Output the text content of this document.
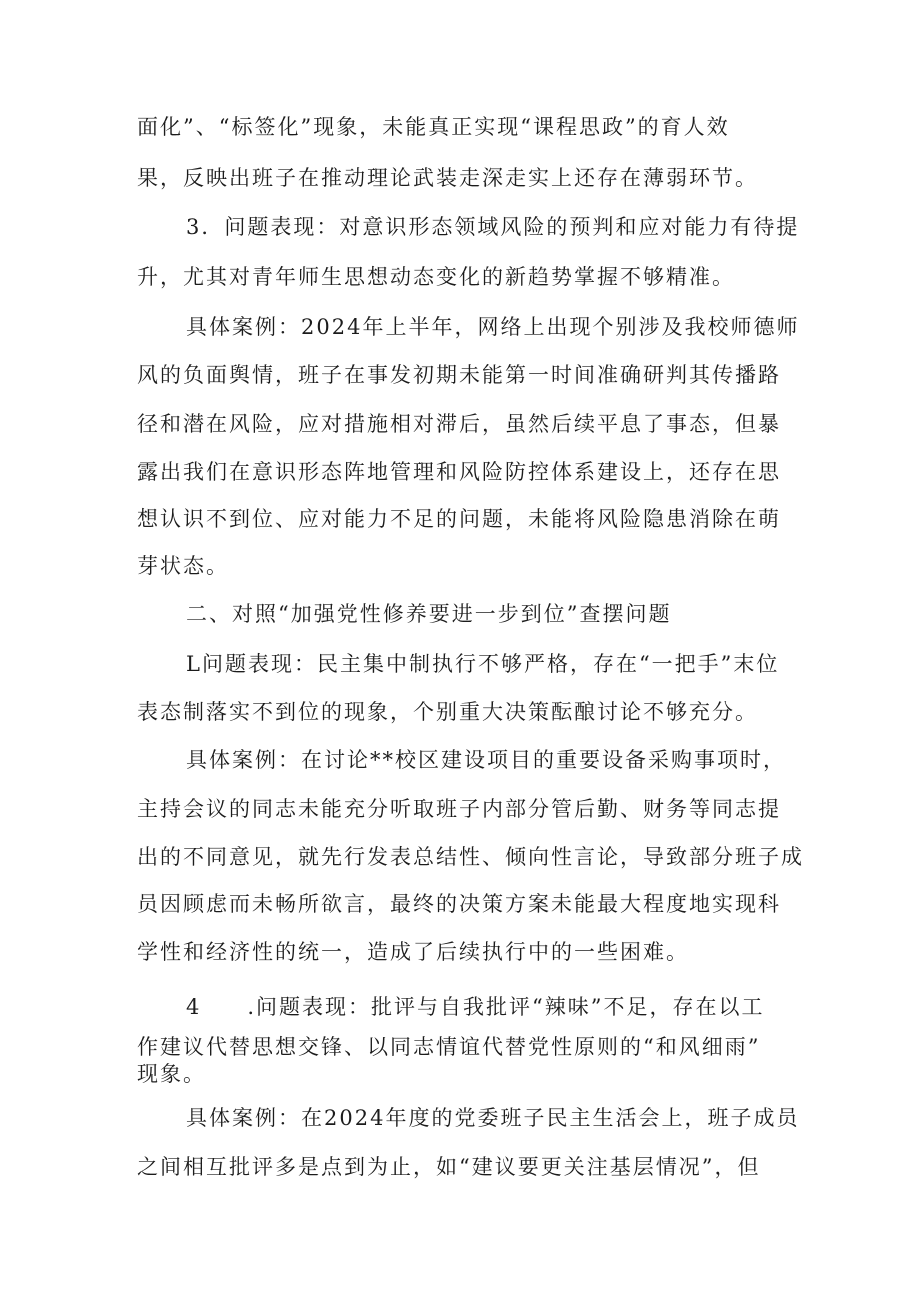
面化”、“标签化”现象，未能真正实现“课程思政”的育人效
果，反映出班子在推动理论武装走深走实上还存在薄弱环节。
3．问题表现：对意识形态领域风险的预判和应对能力有待提
升，尤其对青年师生思想动态变化的新趋势掌握不够精准。
具体案例：2024年上半年，网络上出现个别涉及我校师德师
风的负面舆情，班子在事发初期未能第一时间准确研判其传播路
径和潜在风险，应对措施相对滞后，虽然后续平息了事态，但暴
露出我们在意识形态阵地管理和风险防控体系建设上，还存在思
想认识不到位、应对能力不足的问题，未能将风险隐患消除在萌
芽状态。
二、对照“加强党性修养要进一步到位”查摆问题
L问题表现：民主集中制执行不够严格，存在“一把手”末位
表态制落实不到位的现象，个别重大决策酝酿讨论不够充分。
具体案例：在讨论**校区建设项目的重要设备采购事项时，
主持会议的同志未能充分听取班子内部分管后勤、财务等同志提
出的不同意见，就先行发表总结性、倾向性言论，导致部分班子成
员因顾虑而未畅所欲言，最终的决策方案未能最大程度地实现科
学性和经济性的统一，造成了后续执行中的一些困难。
4　　.问题表现：批评与自我批评“辣味”不足，存在以工
作建议代替思想交锋、以同志情谊代替党性原则的“和风细雨”
现象。
具体案例：在2024年度的党委班子民主生活会上，班子成员
之间相互批评多是点到为止，如“建议要更关注基层情况”，但
